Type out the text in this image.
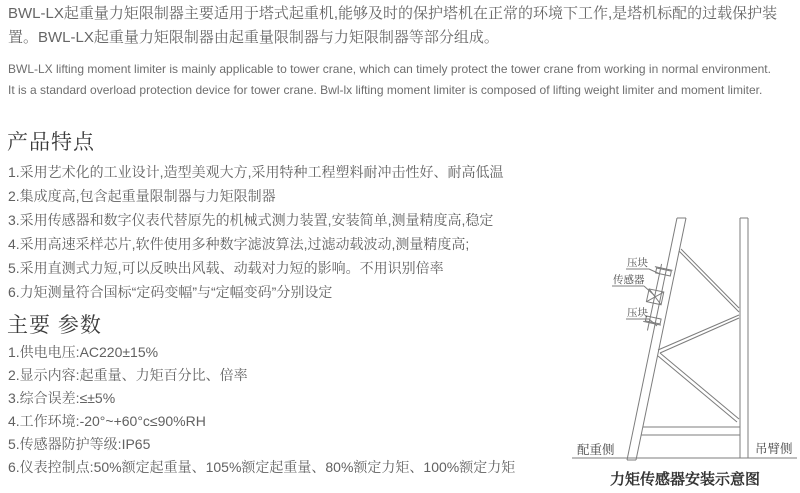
BWL-LX起重量力矩限制器主要适用于塔式起重机,能够及时的保护塔机在正常的环境下工作,是塔机标配的过载保护装置。BWL-LX起重量力矩限制器由起重量限制器与力矩限制器等部分组成。
BWL-LX lifting moment limiter is mainly applicable to tower crane, which can timely protect the tower crane from working in normal environment.
It is a standard overload protection device for tower crane. Bwl-lx lifting moment limiter is composed of lifting weight limiter and moment limiter.
产品特点
1.采用艺术化的工业设计,造型美观大方,采用特种工程塑料耐冲击性好、耐高低温
2.集成度高,包含起重量限制器与力矩限制器
3.采用传感器和数字仪表代替原先的机械式测力装置,安装简单,测量精度高,稳定
4.采用高速采样芯片,软件使用多种数字滤波算法,过滤动载波动,测量精度高;
5.采用直测式力短,可以反映出风载、动载对力短的影响。不用识别倍率
6.力矩测量符合国标“定码变幅”与“定幅变码”分别设定
主要 参数
1.供电电压:AC220±15%
2.显示内容:起重量、力矩百分比、倍率
3.综合误差:≤±5%
4.工作环境:-20°~+60°c≤90%RH
5.传感器防护等级:IP65
6.仪表控制点:50%额定起重量、105%额定起重量、80%额定力矩、100%额定力矩
压块
传感器
压块
配重侧	吊臂侧
力矩传感器安装示意图
